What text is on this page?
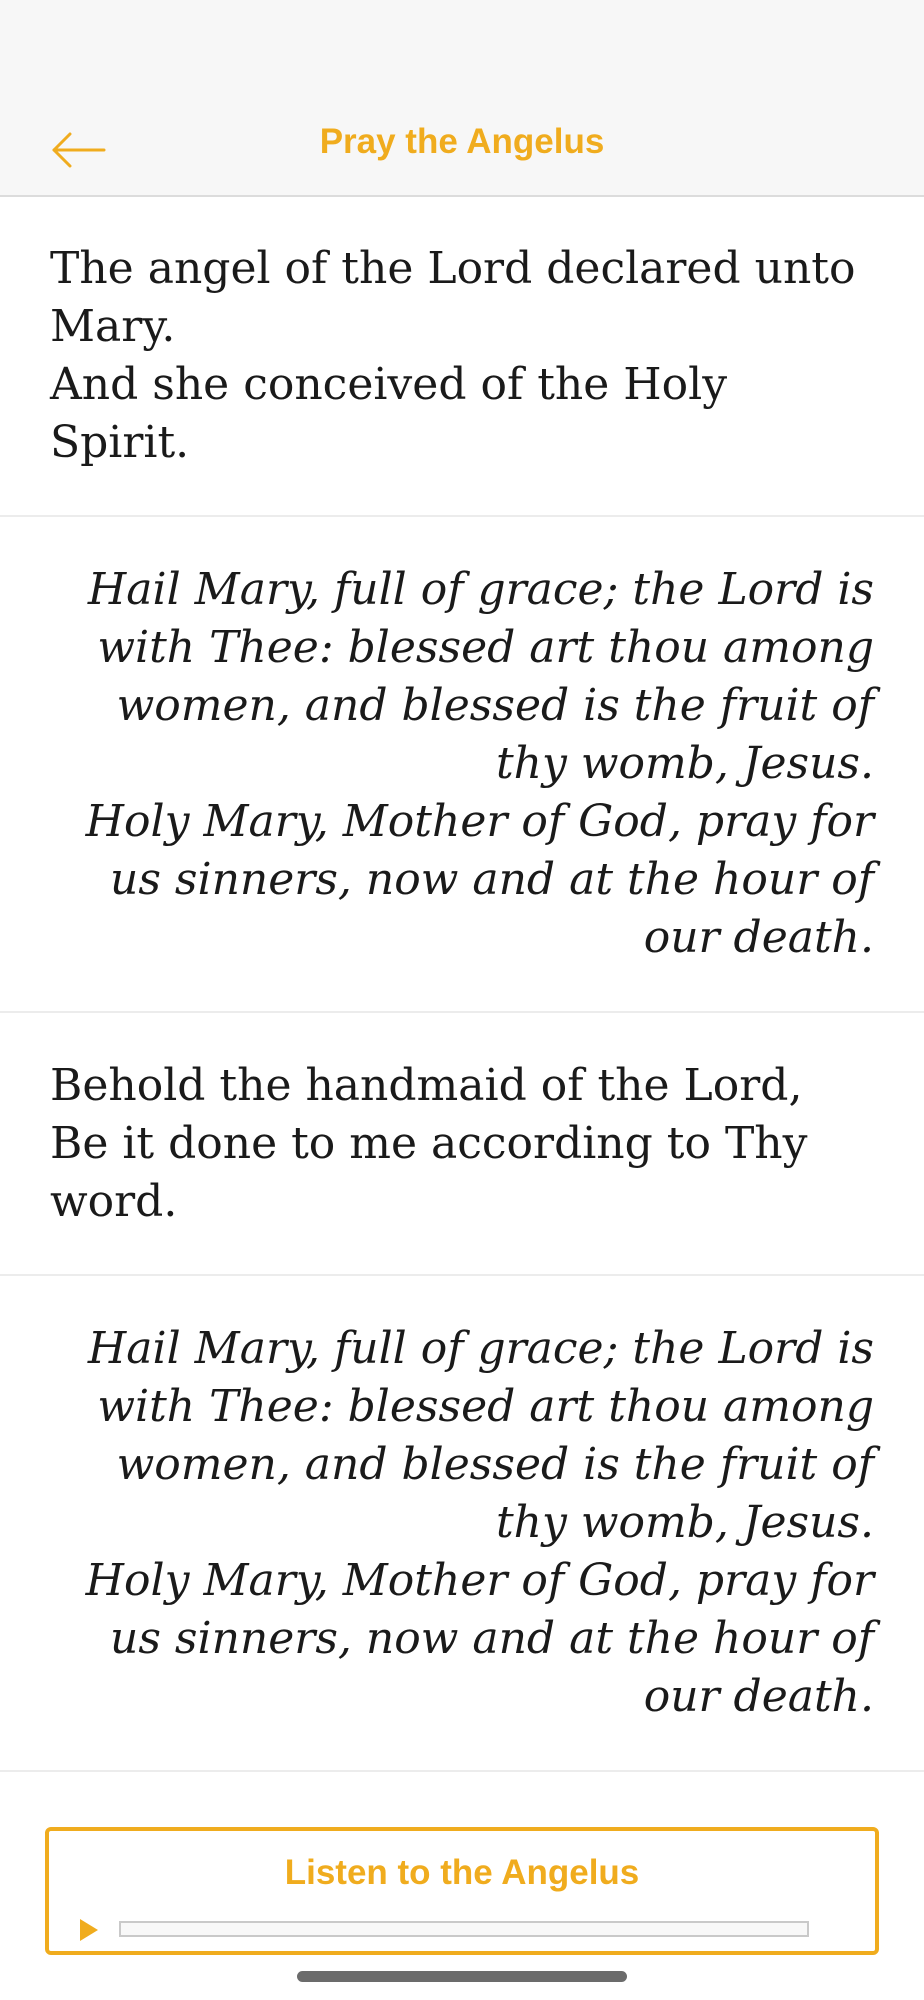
Pray the Angelus

The angel of the Lord declared unto Mary.

And she conceived of the Holy Spirit.

Hail Mary, full of grace; the Lord is with Thee: blessed art thou among women, and blessed is the fruit of thy womb, Jesus.

Holy Mary, Mother of God, pray for us sinners, now and at the hour of our death.

Behold the handmaid of the Lord,

Be it done to me according to Thy word.

Hail Mary, full of grace; the Lord is with Thee: blessed art thou among women, and blessed is the fruit of thy womb, Jesus.

Holy Mary, Mother of God, pray for us sinners, now and at the hour of our death.

Listen to the Angelus
